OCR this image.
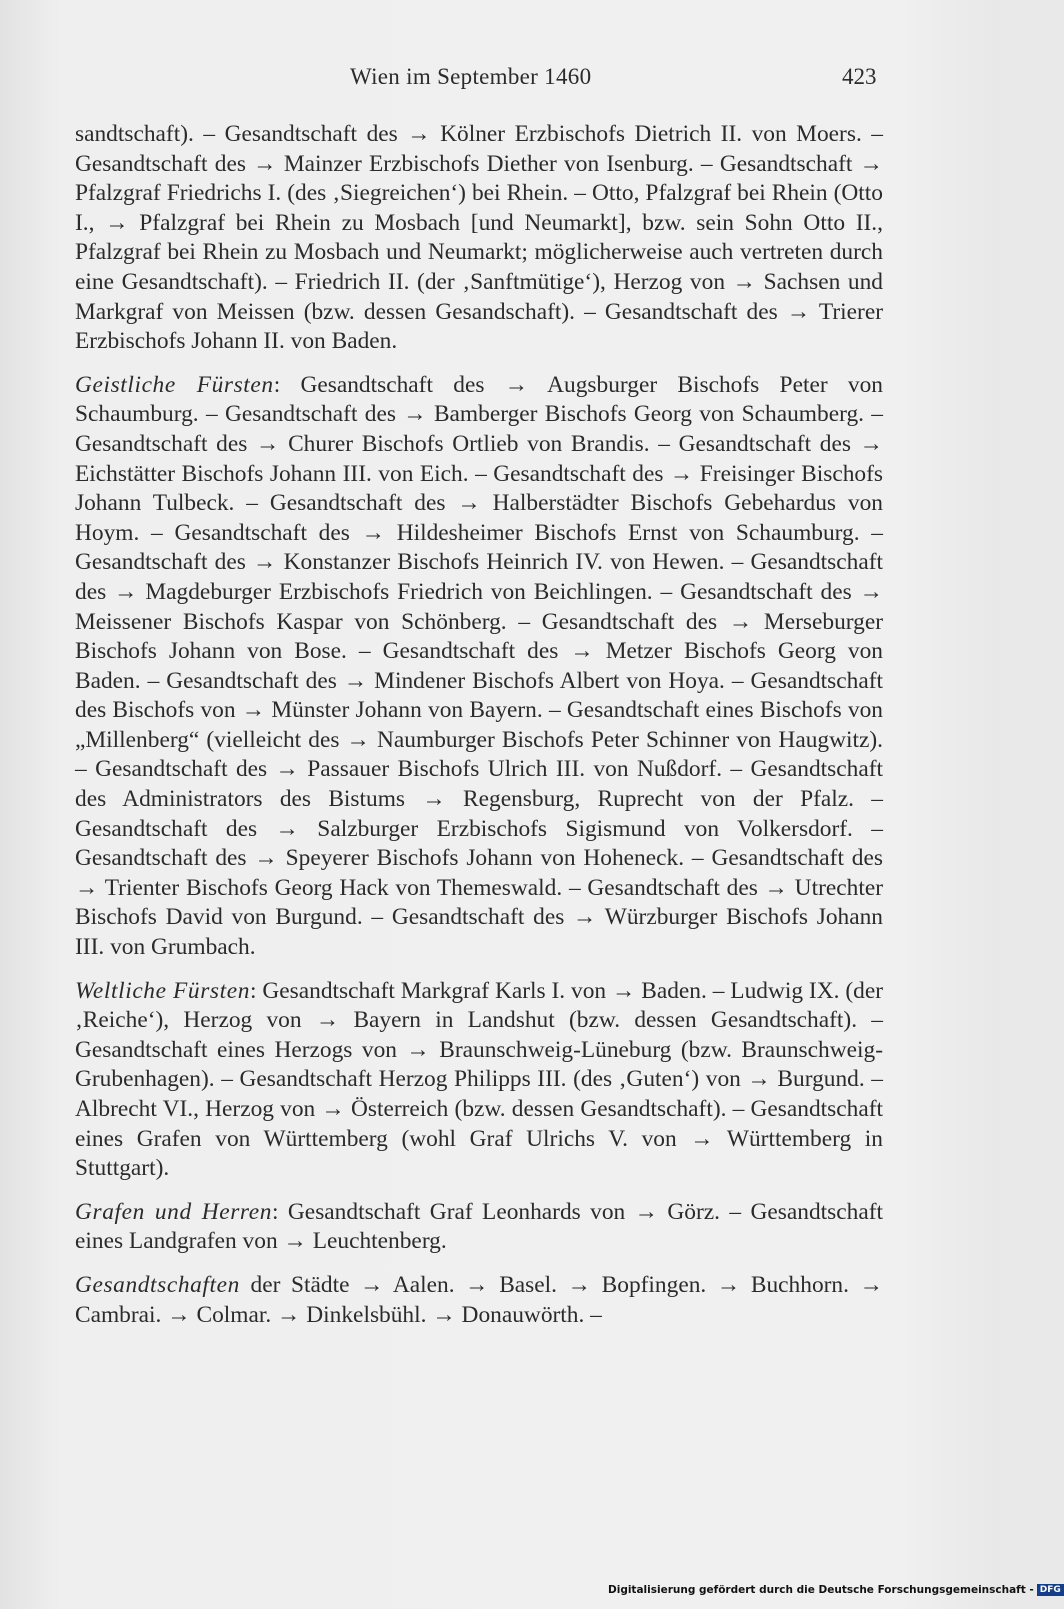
Wien im September 1460	423

sandtschaft). – Gesandtschaft des → Kölner Erzbischofs Dietrich II. von Moers. – Gesandtschaft des → Mainzer Erzbischofs Diether von Isenburg. – Gesandtschaft → Pfalzgraf Friedrichs I. (des ‚Siegreichen‘) bei Rhein. – Otto, Pfalzgraf bei Rhein (Otto I., → Pfalzgraf bei Rhein zu Mosbach [und Neumarkt], bzw. sein Sohn Otto II., Pfalzgraf bei Rhein zu Mosbach und Neumarkt; möglicherweise auch vertreten durch eine Gesandtschaft). – Friedrich II. (der ‚Sanftmütige‘), Herzog von → Sachsen und Markgraf von Meissen (bzw. dessen Gesandschaft). – Gesandtschaft des → Trierer Erzbischofs Johann II. von Baden.

Geistliche Fürsten: Gesandtschaft des → Augsburger Bischofs Peter von Schaumburg. – Gesandtschaft des → Bamberger Bischofs Georg von Schaumberg. – Gesandtschaft des → Churer Bischofs Ortlieb von Brandis. – Gesandtschaft des → Eichstätter Bischofs Johann III. von Eich. – Gesandtschaft des → Freisinger Bischofs Johann Tulbeck. – Gesandtschaft des → Halberstädter Bischofs Gebehardus von Hoym. – Gesandtschaft des → Hildesheimer Bischofs Ernst von Schaumburg. – Gesandtschaft des → Konstanzer Bischofs Heinrich IV. von Hewen. – Gesandtschaft des → Magdeburger Erzbischofs Friedrich von Beichlingen. – Gesandtschaft des → Meissener Bischofs Kaspar von Schönberg. – Gesandtschaft des → Merseburger Bischofs Johann von Bose. – Gesandtschaft des → Metzer Bischofs Georg von Baden. – Gesandtschaft des → Mindener Bischofs Albert von Hoya. – Gesandtschaft des Bischofs von → Münster Johann von Bayern. – Gesandtschaft eines Bischofs von „Millenberg“ (vielleicht des → Naumburger Bischofs Peter Schinner von Haugwitz). – Gesandtschaft des → Passauer Bischofs Ulrich III. von Nußdorf. – Gesandtschaft des Administrators des Bistums → Regensburg, Ruprecht von der Pfalz. – Gesandtschaft des → Salzburger Erzbischofs Sigismund von Volkersdorf. – Gesandtschaft des → Speyerer Bischofs Johann von Hoheneck. – Gesandtschaft des → Trienter Bischofs Georg Hack von Themeswald. – Gesandtschaft des → Utrechter Bischofs David von Burgund. – Gesandtschaft des → Würzburger Bischofs Johann III. von Grumbach.

Weltliche Fürsten: Gesandtschaft Markgraf Karls I. von → Baden. – Ludwig IX. (der ‚Reiche‘), Herzog von → Bayern in Landshut (bzw. dessen Gesandtschaft). – Gesandtschaft eines Herzogs von → Braunschweig-Lüneburg (bzw. Braunschweig-Grubenhagen). – Gesandtschaft Herzog Philipps III. (des ‚Guten‘) von → Burgund. – Albrecht VI., Herzog von → Österreich (bzw. dessen Gesandtschaft). – Gesandtschaft eines Grafen von Württemberg (wohl Graf Ulrichs V. von → Württemberg in Stuttgart).

Grafen und Herren: Gesandtschaft Graf Leonhards von → Görz. – Gesandtschaft eines Landgrafen von → Leuchtenberg.

Gesandtschaften der Städte → Aalen. → Basel. → Bopfingen. → Buchhorn. → Cambrai. → Colmar. → Dinkelsbühl. → Donauwörth. –

Digitalisierung gefördert durch die Deutsche Forschungsgemeinschaft - DFG
